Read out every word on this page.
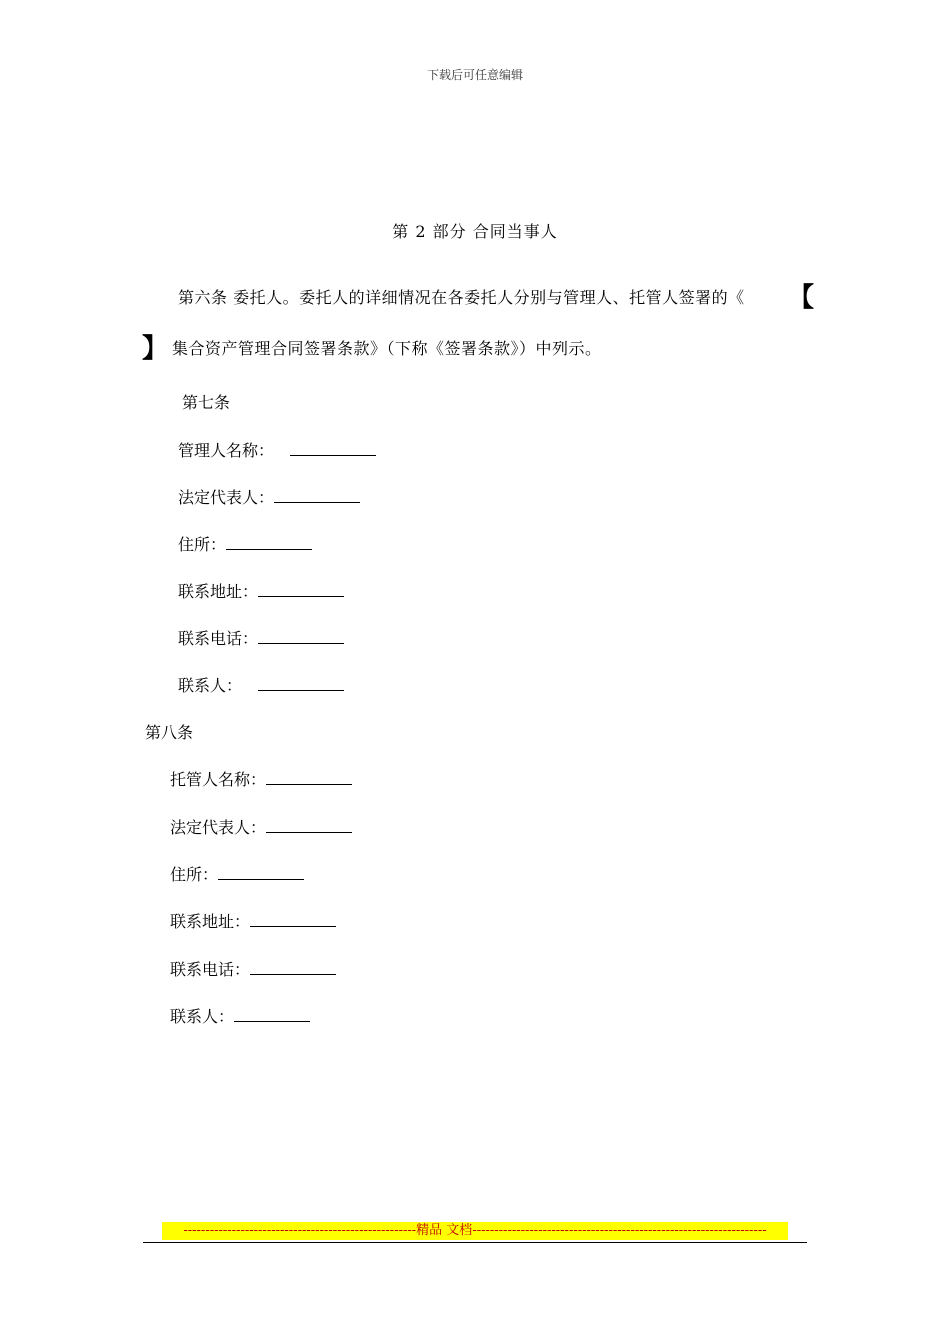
下载后可任意编辑
第 2 部分 合同当事人
第六条 委托人。委托人的详细情况在各委托人分别与管理人、托管人签署的《 【
】 集合资产管理合同签署条款》（下称《签署条款》）中列示。
第七条
管理人名称：
法定代表人：
住所：
联系地址：
联系电话：
联系人：
第八条
托管人名称：
法定代表人：
住所：
联系地址：
联系电话：
联系人：
-----------------------------------------------------精品 文档-------------------------------------------------------------------
